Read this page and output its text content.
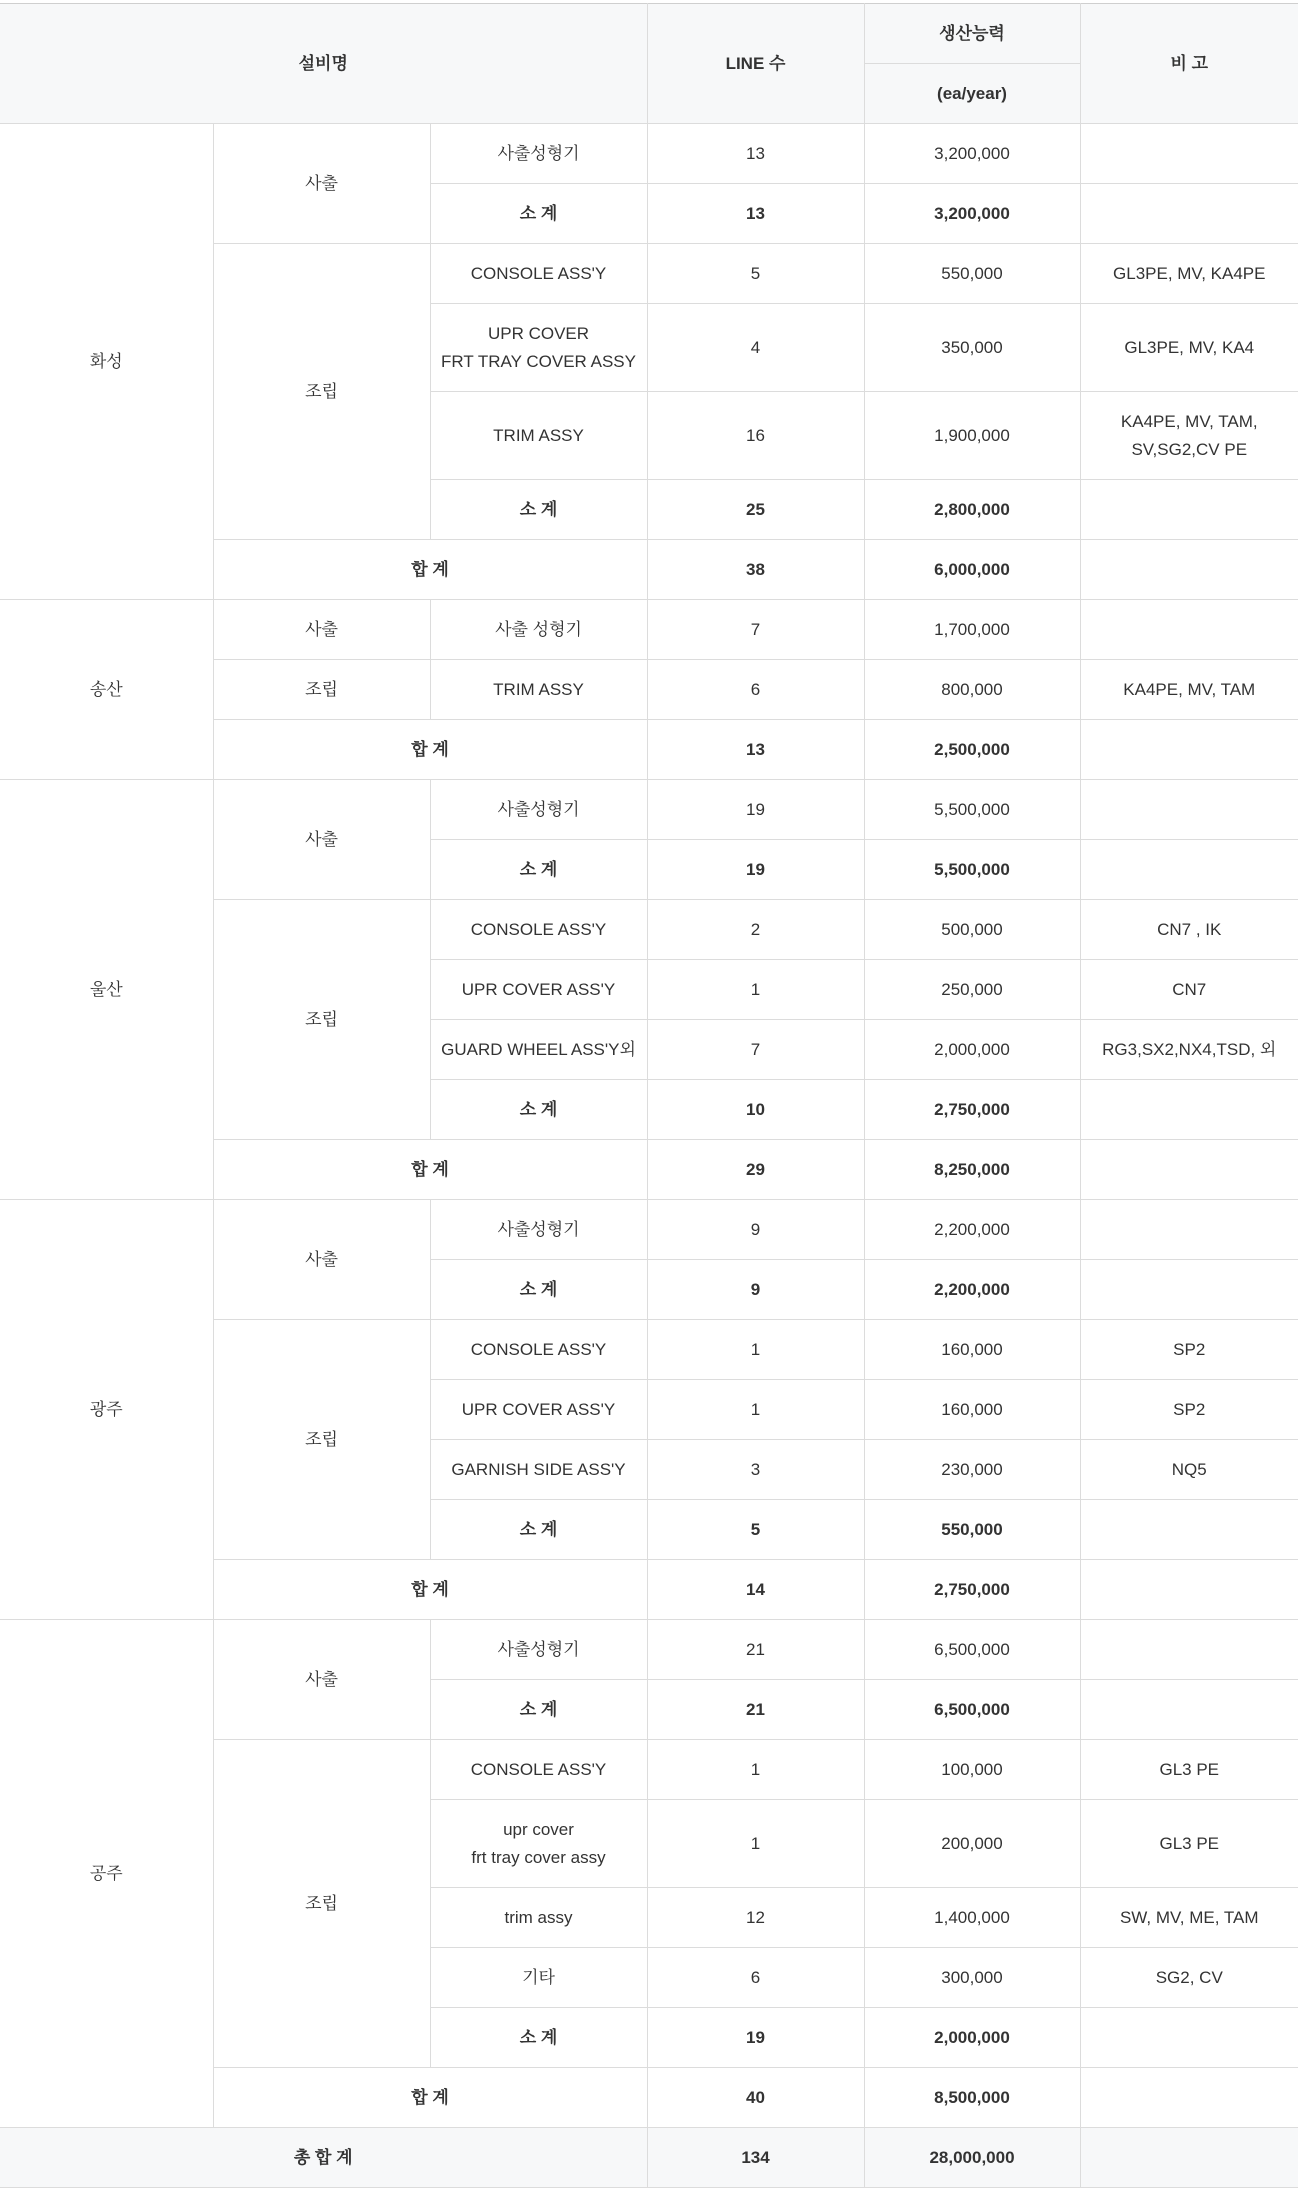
설비명			LINE 수	생산능력	비 고
				(ea/year)	
화성	사출	사출성형기	13	3,200,000	
		소 계	13	3,200,000	
	조립	CONSOLE ASS'Y	5	550,000	GL3PE, MV, KA4PE

		UPR COVER
FRT TRAY COVER ASSY	4	350,000	GL3PE, MV, KA4
		TRIM ASSY	16	1,900,000	KA4PE, MV, TAM,
SV,SG2,CV PE

		소 계	25	2,800,000	
	합 계		38	6,000,000	
송산	사출	사출 성형기	7	1,700,000	
	조립	TRIM ASSY	6	800,000	KA4PE, MV, TAM
	합 계		13	2,500,000	
울산	사출	사출성형기	19	5,500,000	
		소 계	19	5,500,000	
	조립	CONSOLE ASS'Y	2	500,000	CN7 , IK
		UPR COVER ASS'Y	1	250,000	CN7
		GUARD WHEEL ASS'Y외	7	2,000,000	RG3,SX2,NX4,TSD, 외
		소 계	10	2,750,000	
	합 계		29	8,250,000	
광주	사출	사출성형기	9	2,200,000	
		소 계	9	2,200,000	
	조립	CONSOLE ASS'Y	1	160,000	SP2
		UPR COVER ASS'Y	1	160,000	SP2
		GARNISH SIDE ASS'Y	3	230,000	NQ5
		소 계	5	550,000	
	합 계		14	2,750,000	
공주	사출	사출성형기	21	6,500,000	
		소 계	21	6,500,000	
	조립	CONSOLE ASS'Y	1	100,000	GL3 PE

		upr cover
frt tray cover assy	1	200,000	GL3 PE
		trim assy	12	1,400,000	SW, MV, ME, TAM
		기타	6	300,000	SG2, CV
		소 계	19	2,000,000	
	합 계		40	8,500,000	
총 합 계			134	28,000,000	
